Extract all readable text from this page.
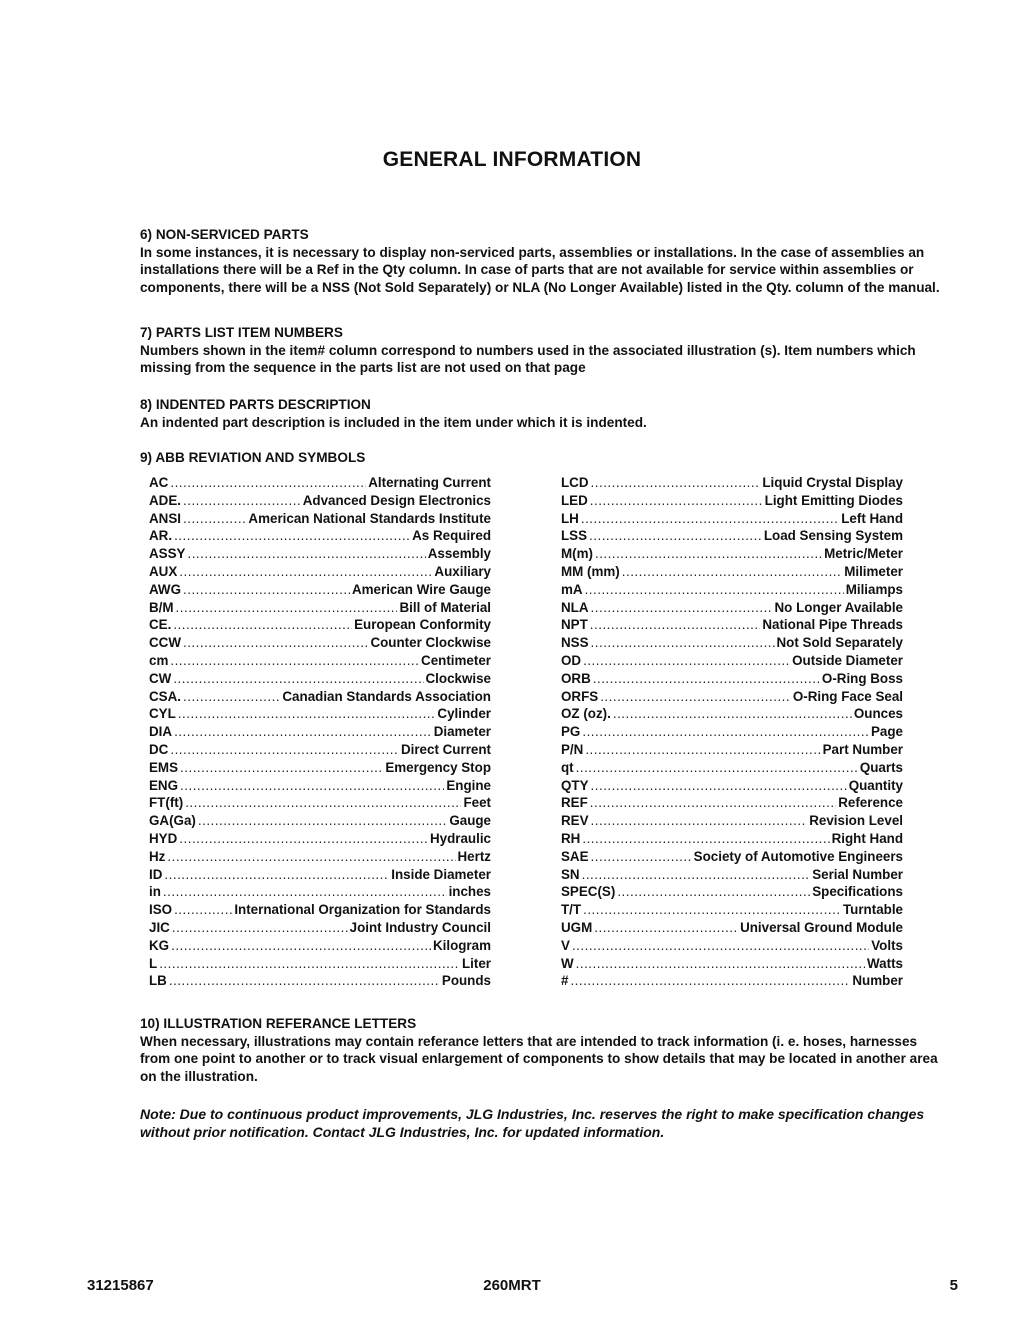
GENERAL INFORMATION
6) NON-SERVICED PARTS

In some instances, it is necessary to display non-serviced parts, assemblies or installations. In the case of assemblies an installations there will be a Ref in the Qty column. In case of parts that are not available for service within assemblies or components, there will be a NSS (Not Sold Separately) or NLA (No Longer Available) listed in the Qty. column of the manual.

7) PARTS LIST ITEM NUMBERS

Numbers shown in the item# column correspond to numbers used in the associated illustration (s). Item numbers which missing from the sequence in the parts list are not used on that page

8) INDENTED PARTS DESCRIPTION

An indented part description is included in the item under which it is indented.

9) ABB REVIATION AND SYMBOLS
AC .....	Alternating Current
ADE. .....	Advanced Design Electronics
ANSI .....	American National Standards Institute
AR. .....	As Required
ASSY .....	Assembly
AUX .....	Auxiliary
AWG .....	American Wire Gauge
B/M .....	Bill of Material
CE. .....	European Conformity
CCW .....	Counter Clockwise
cm .....	Centimeter
CW .....	Clockwise
CSA. .....	Canadian Standards Association
CYL .....	Cylinder
DIA .....	Diameter
DC .....	Direct Current
EMS .....	Emergency Stop
ENG .....	Engine
FT(ft) .....	Feet
GA(Ga) .....	Gauge
HYD .....	Hydraulic
Hz .....	Hertz
ID .....	Inside Diameter
in .....	inches
ISO .....	International Organization for Standards
JIC .....	Joint Industry Council
KG .....	Kilogram
L .....	Liter
LB .....	Pounds
LCD .....	Liquid Crystal Display
LED .....	Light Emitting Diodes
LH .....	Left Hand
LSS .....	Load Sensing System
M(m) .....	Metric/Meter
MM (mm) .....	Milimeter
mA .....	Miliamps
NLA .....	No Longer Available
NPT .....	National Pipe Threads
NSS .....	Not Sold Separately
OD .....	Outside Diameter
ORB .....	O-Ring Boss
ORFS .....	O-Ring Face Seal
OZ (oz). .....	Ounces
PG .....	Page
P/N .....	Part Number
qt .....	Quarts
QTY .....	Quantity
REF .....	Reference
REV .....	Revision Level
RH .....	Right Hand
SAE .....	Society of Automotive Engineers
SN .....	Serial Number
SPEC(S) .....	Specifications
T/T .....	Turntable
UGM .....	Universal Ground Module
V .....	Volts
W .....	Watts
# .....	Number
10) ILLUSTRATION REFERANCE LETTERS

When necessary, illustrations may contain referance letters that are intended to track information (i. e. hoses, harnesses from one point to another or to track visual enlargement of components to show details that may be located in another area on the illustration.

Note: Due to continuous product improvements, JLG Industries, Inc. reserves the right to make specification changes without prior notification. Contact JLG Industries, Inc. for updated information.
31215867	260MRT	5
